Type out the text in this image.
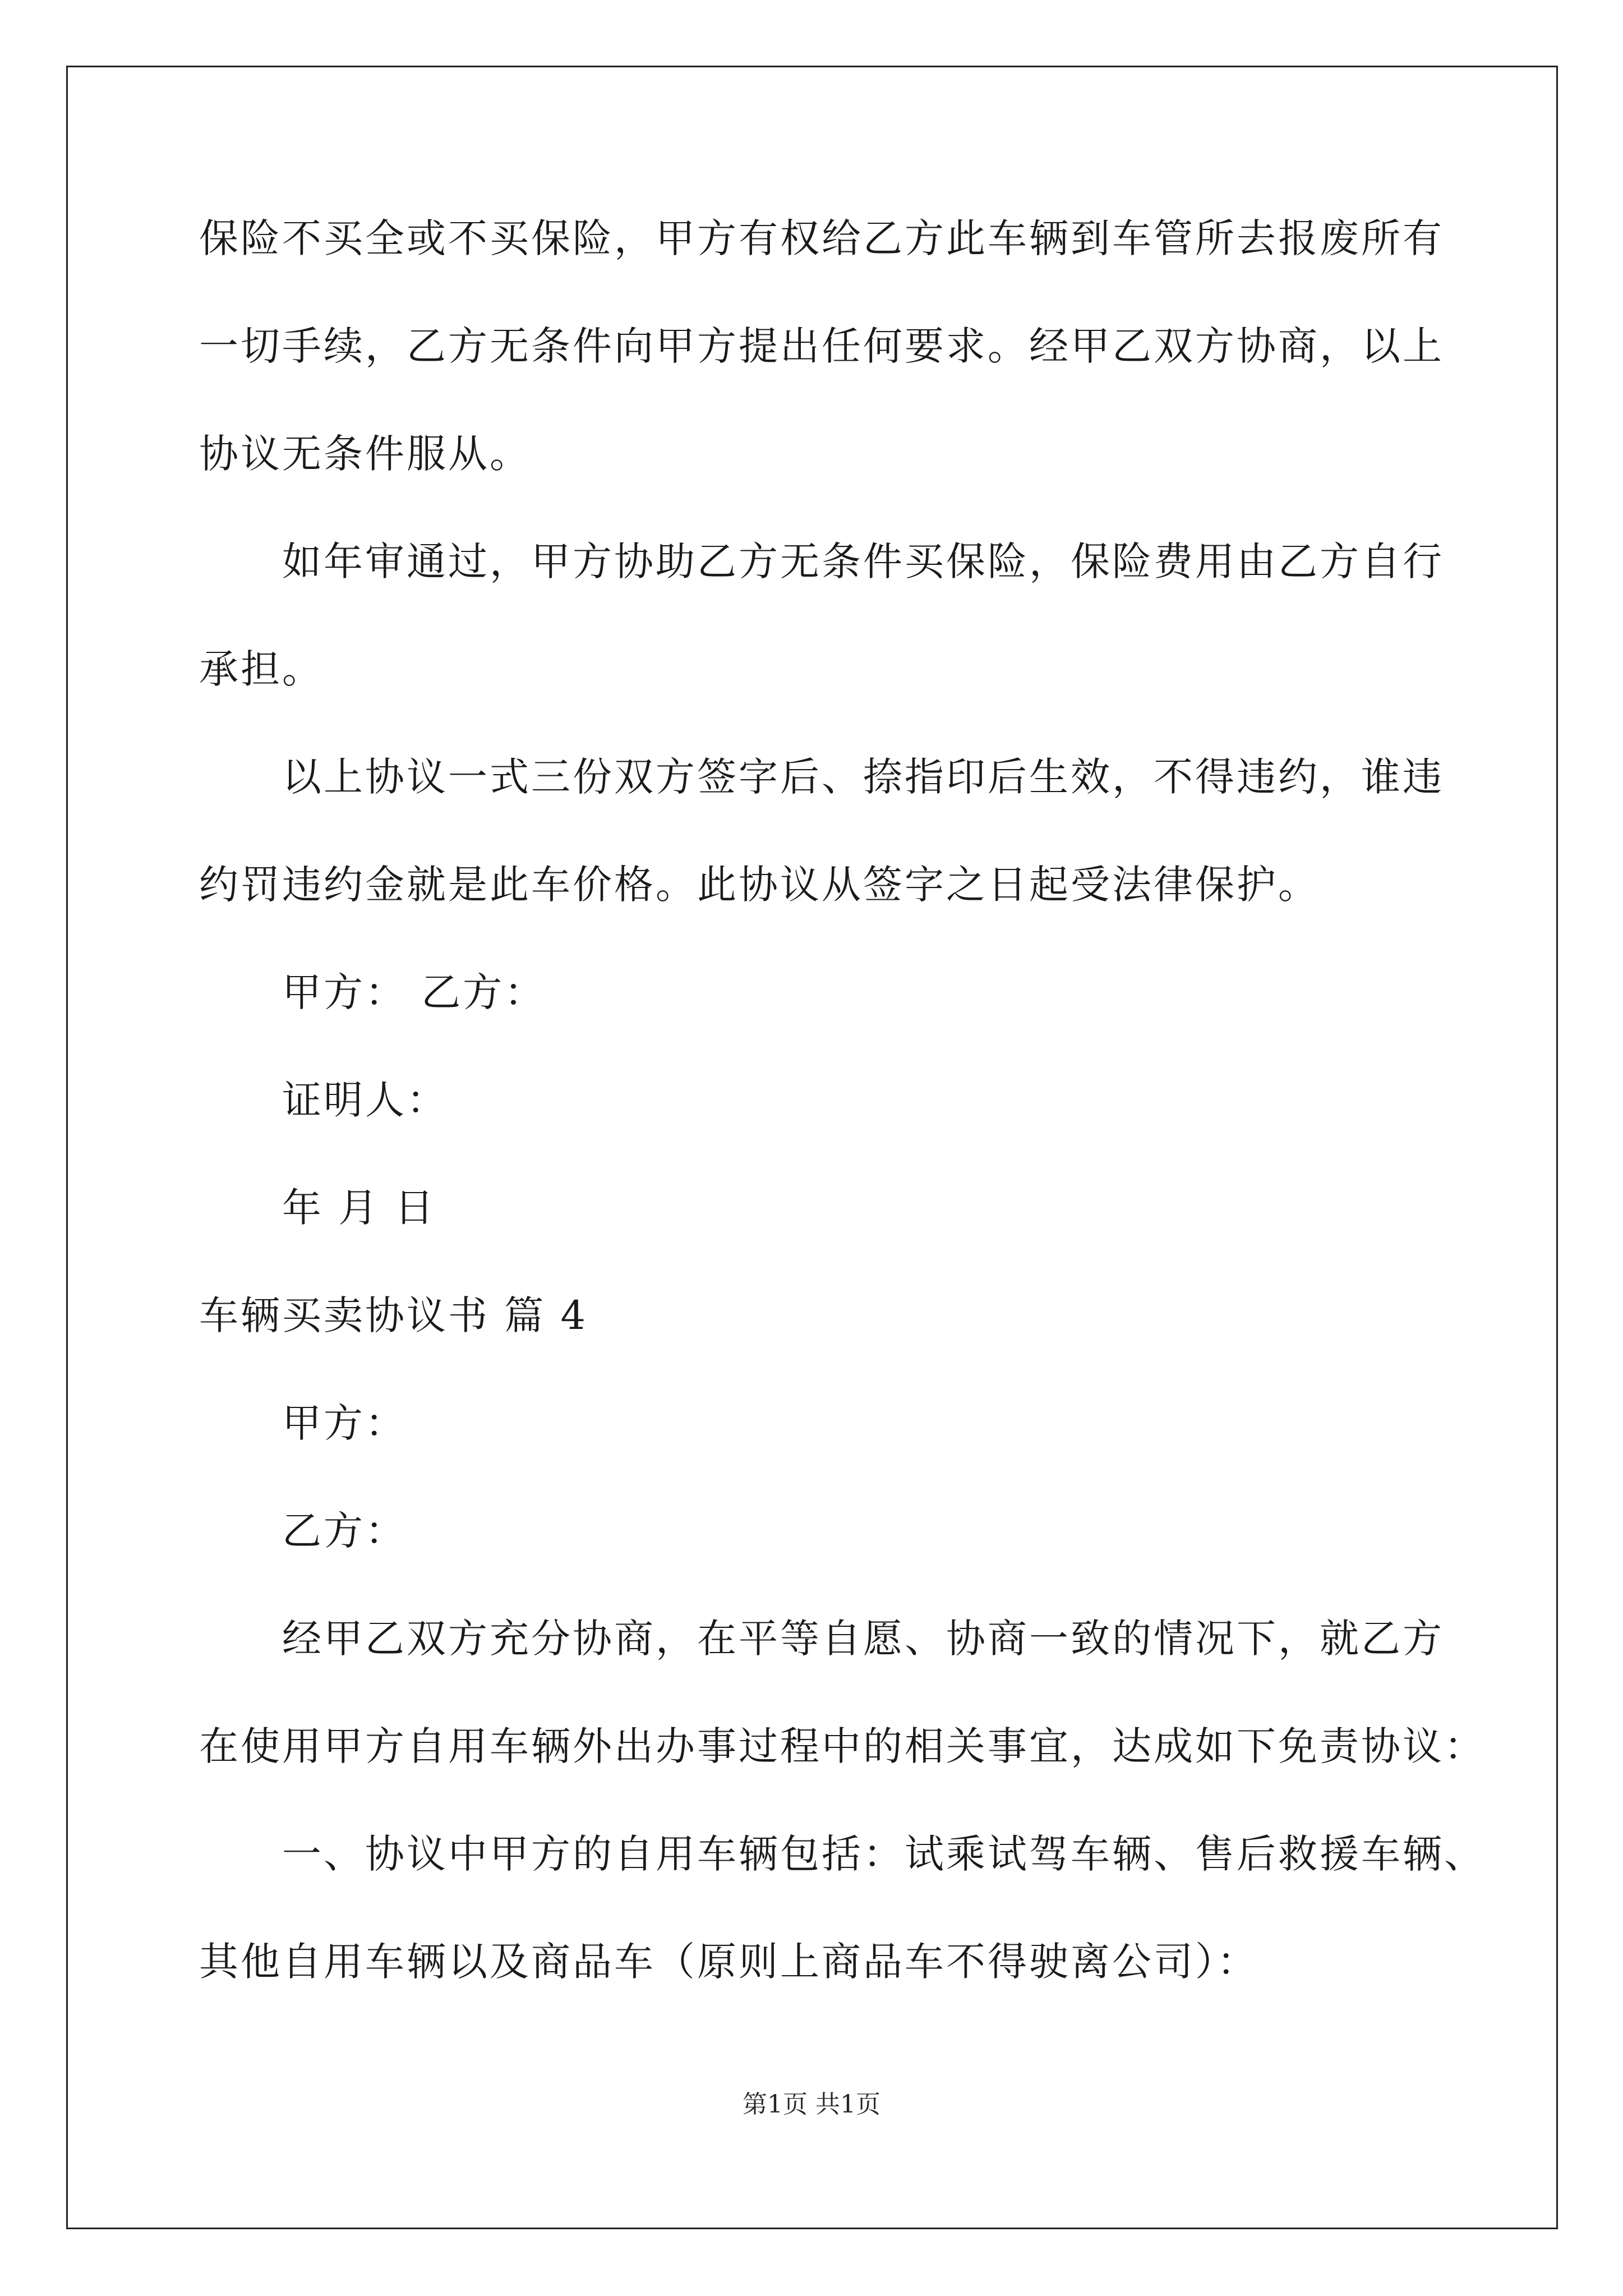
保险不买全或不买保险，甲方有权给乙方此车辆到车管所去报废所有
一切手续，乙方无条件向甲方提出任何要求。经甲乙双方协商，以上
协议无条件服从。
如年审通过，甲方协助乙方无条件买保险，保险费用由乙方自行
承担。
以上协议一式三份双方签字后、捺指印后生效，不得违约，谁违
约罚违约金就是此车价格。此协议从签字之日起受法律保护。
甲方： 乙方：
证明人：
年 月 日
车辆买卖协议书 篇 4
甲方：
乙方：
经甲乙双方充分协商，在平等自愿、协商一致的情况下，就乙方
在使用甲方自用车辆外出办事过程中的相关事宜，达成如下免责协议：
一、协议中甲方的自用车辆包括：试乘试驾车辆、售后救援车辆、
其他自用车辆以及商品车（原则上商品车不得驶离公司）：
第1页 共1页
